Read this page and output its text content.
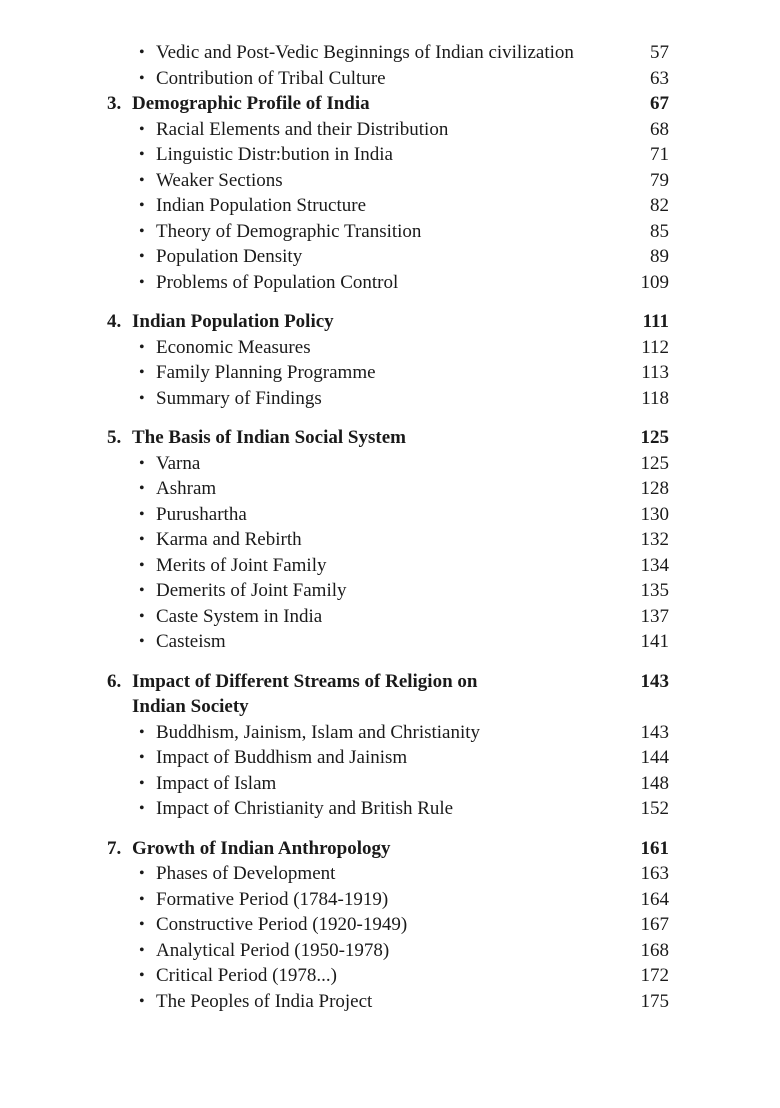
• Vedic and Post-Vedic Beginnings of Indian civilization	57
• Contribution of Tribal Culture	63
3. Demographic Profile of India	67
• Racial Elements and their Distribution	68
• Linguistic Distr:bution in India	71
• Weaker Sections	79
• Indian Population Structure	82
• Theory of Demographic Transition	85
• Population Density	89
• Problems of Population Control	109
4. Indian Population Policy	111
• Economic Measures	112
• Family Planning Programme	113
• Summary of Findings	118
5. The Basis of Indian Social System	125
• Varna	125
• Ashram	128
• Purushartha	130
• Karma and Rebirth	132
• Merits of Joint Family	134
• Demerits of Joint Family	135
• Caste System in India	137
• Casteism	141
6. Impact of Different Streams of Religion on	143
Indian Society
• Buddhism, Jainism, Islam and Christianity	143
• Impact of Buddhism and Jainism	144
• Impact of Islam	148
• Impact of Christianity and British Rule	152
7. Growth of Indian Anthropology	161
• Phases of Development	163
• Formative Period (1784-1919)	164
• Constructive Period (1920-1949)	167
• Analytical Period (1950-1978)	168
• Critical Period (1978...)	172
• The Peoples of India Project	175
